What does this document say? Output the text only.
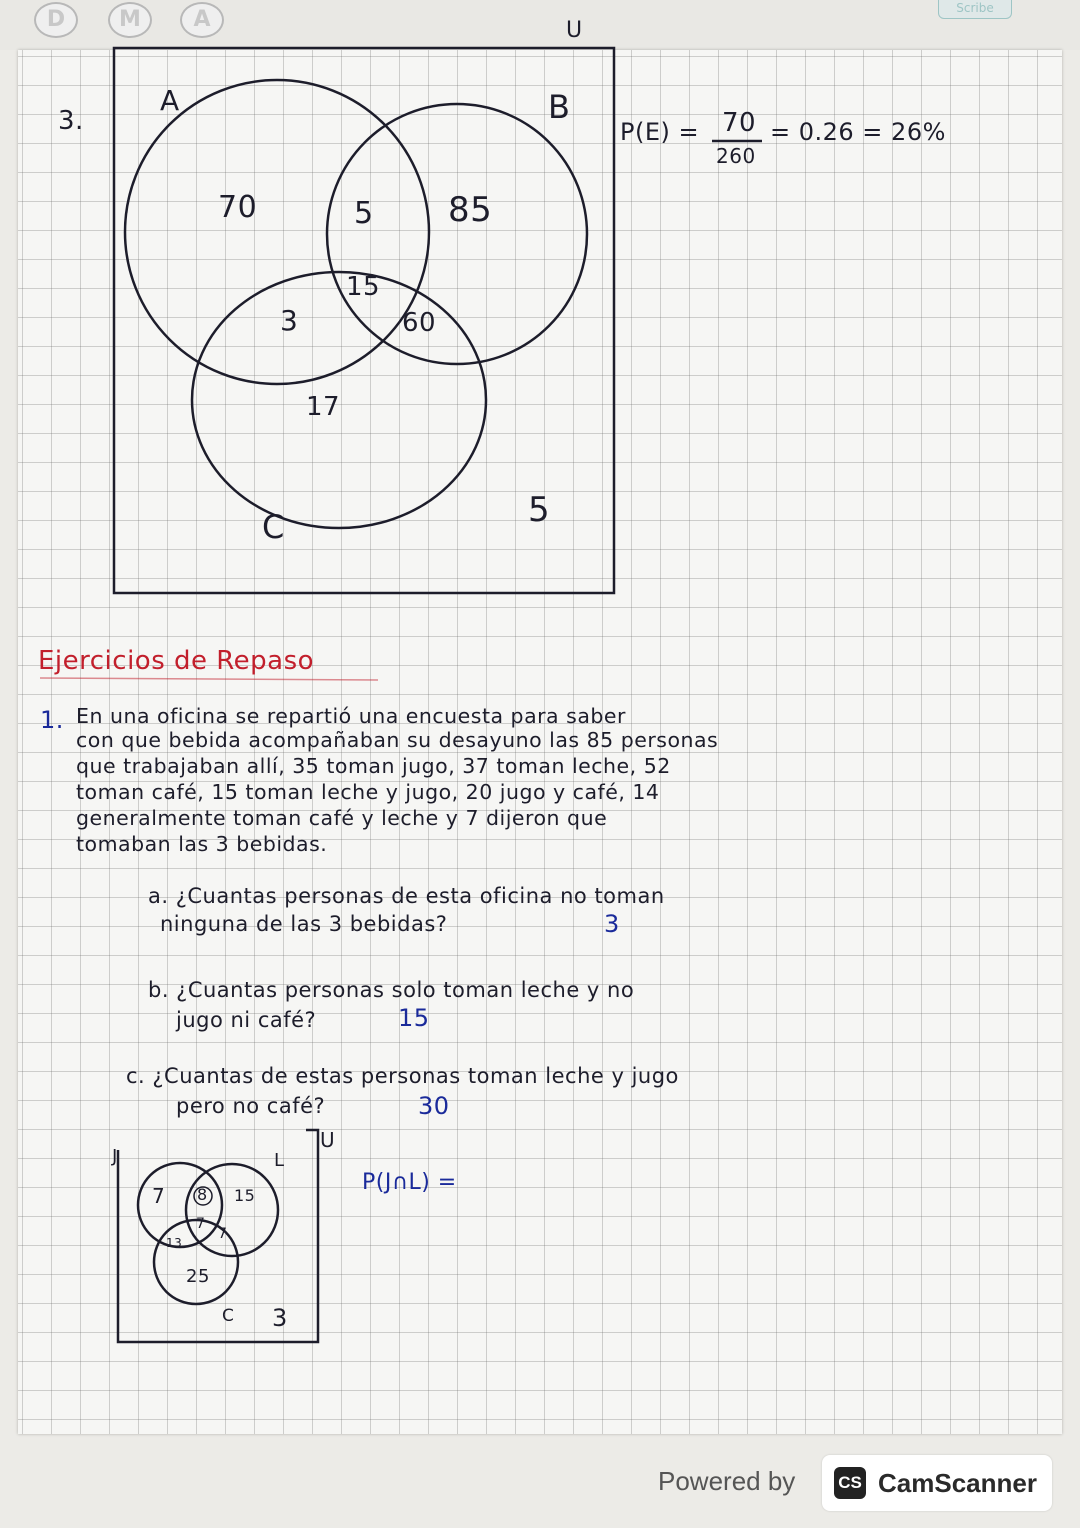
D	M	A	Scribe
3.
U
A	B
C
70	5 85
15
3	60
17
5
P(E) = 70
260
= 0.26 = 26%
Ejercicios de Repaso
1. En una oficina se repartió una encuesta para saber
con que bebida acompañaban su desayuno las 85 personas
que trabajaban allí, 35 toman jugo, 37 toman leche, 52
toman café, 15 toman leche y jugo, 20 jugo y café, 14
generalmente toman café y leche y 7 dijeron que
tomaban las 3 bebidas.
a. ¿Cuantas personas de esta oficina no toman
ninguna de las 3 bebidas?	3
b. ¿Cuantas personas solo toman leche y no
jugo ni café?	15
c. ¿Cuantas de estas personas toman leche y jugo
pero no café?	30
J	L
U
C
7 8 15
13
7
7
25
3
P(J∩L) =
Powered by	CS CamScanner
